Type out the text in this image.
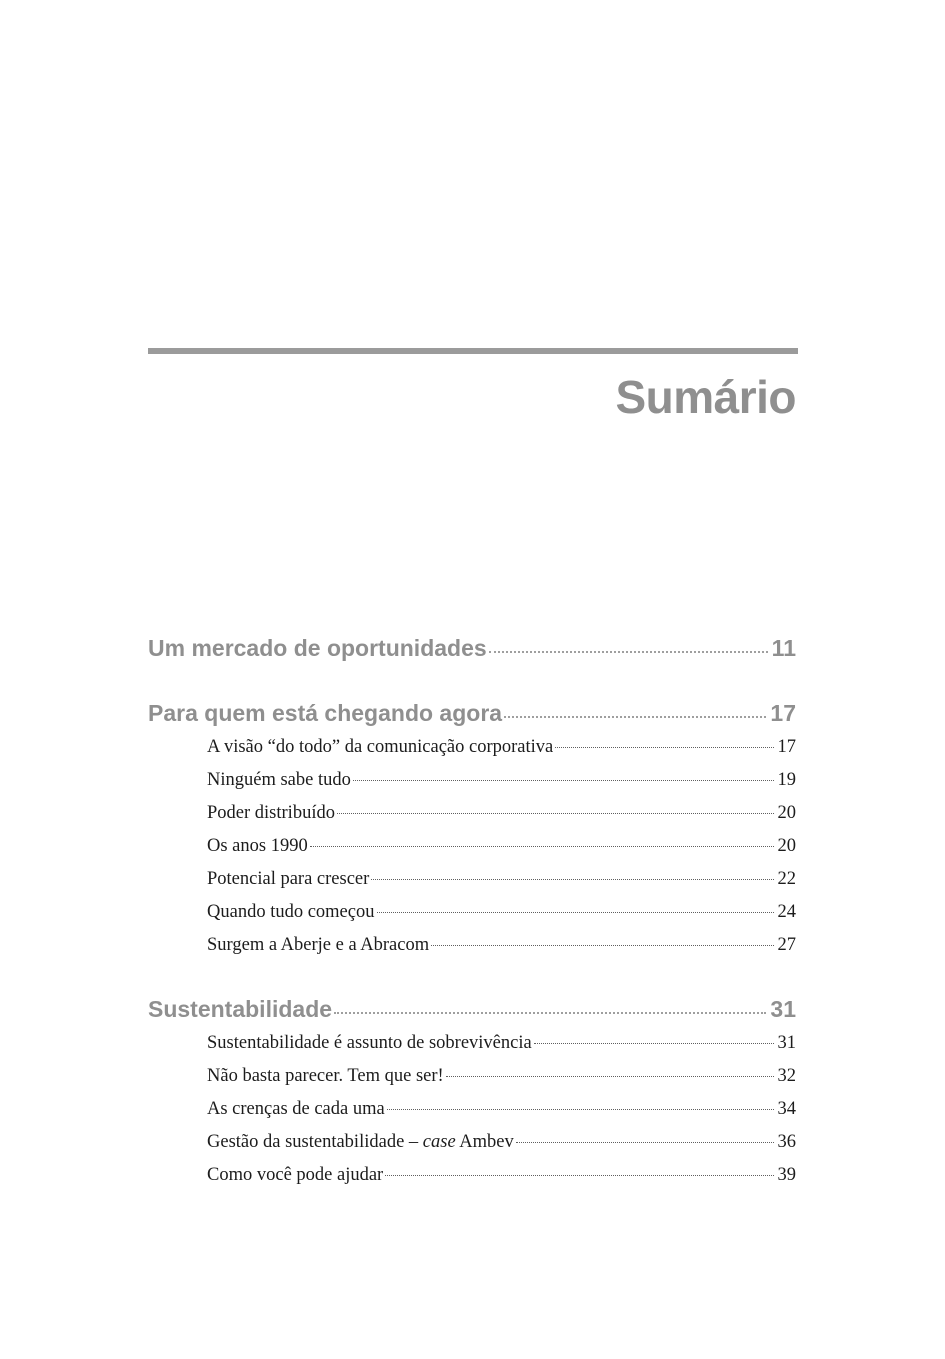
Sumário
Um mercado de oportunidades	11
Para quem está chegando agora	17
A visão “do todo” da comunicação corporativa	17
Ninguém sabe tudo	19
Poder distribuído	20
Os anos 1990	20
Potencial para crescer	22
Quando tudo começou	24
Surgem a Aberje e a Abracom	27
Sustentabilidade	31
Sustentabilidade é assunto de sobrevivência	31
Não basta parecer. Tem que ser!	32
As crenças de cada uma	34
Gestão da sustentabilidade – case Ambev	36
Como você pode ajudar	39
